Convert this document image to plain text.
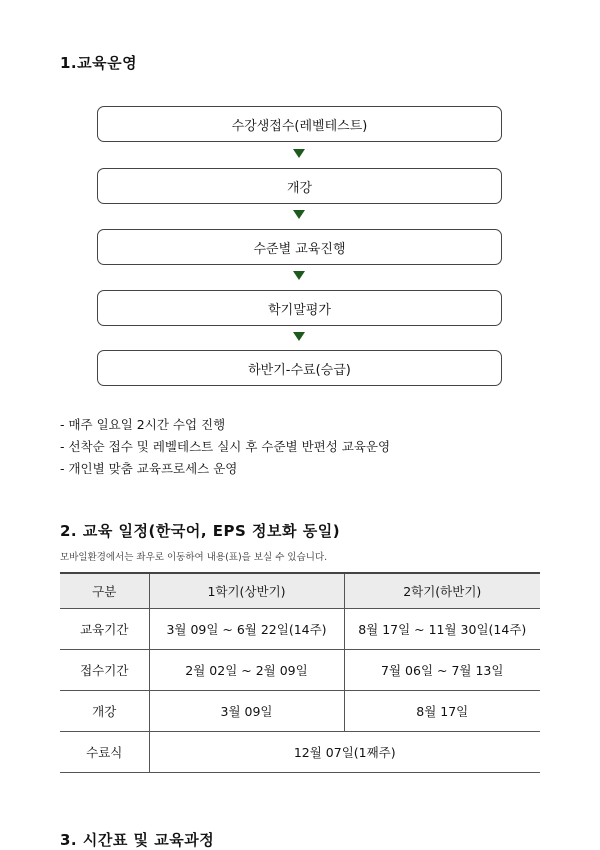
1.교육운영
수강생접수(레벨테스트)
개강
수준별 교육진행
학기말평가
하반기-수료(승급)
- 매주 일요일 2시간 수업 진행
- 선착순 접수 및 레벨테스트 실시 후 수준별 반편성 교육운영
- 개인별 맞춤 교육프로세스 운영
2. 교육 일정(한국어, EPS 정보화 동일)
모바일환경에서는 좌우로 이동하여 내용(표)을 보실 수 있습니다.
구분	1학기(상반기)	2학기(하반기)
교육기간	3월 09일 ~ 6월 22일(14주)	8월 17일 ~ 11월 30일(14주)
접수기간	2월 02일 ~ 2월 09일	7월 06일 ~ 7월 13일
개강	3월 09일	8월 17일
수료식	12월 07일(1째주)	
3. 시간표 및 교육과정
